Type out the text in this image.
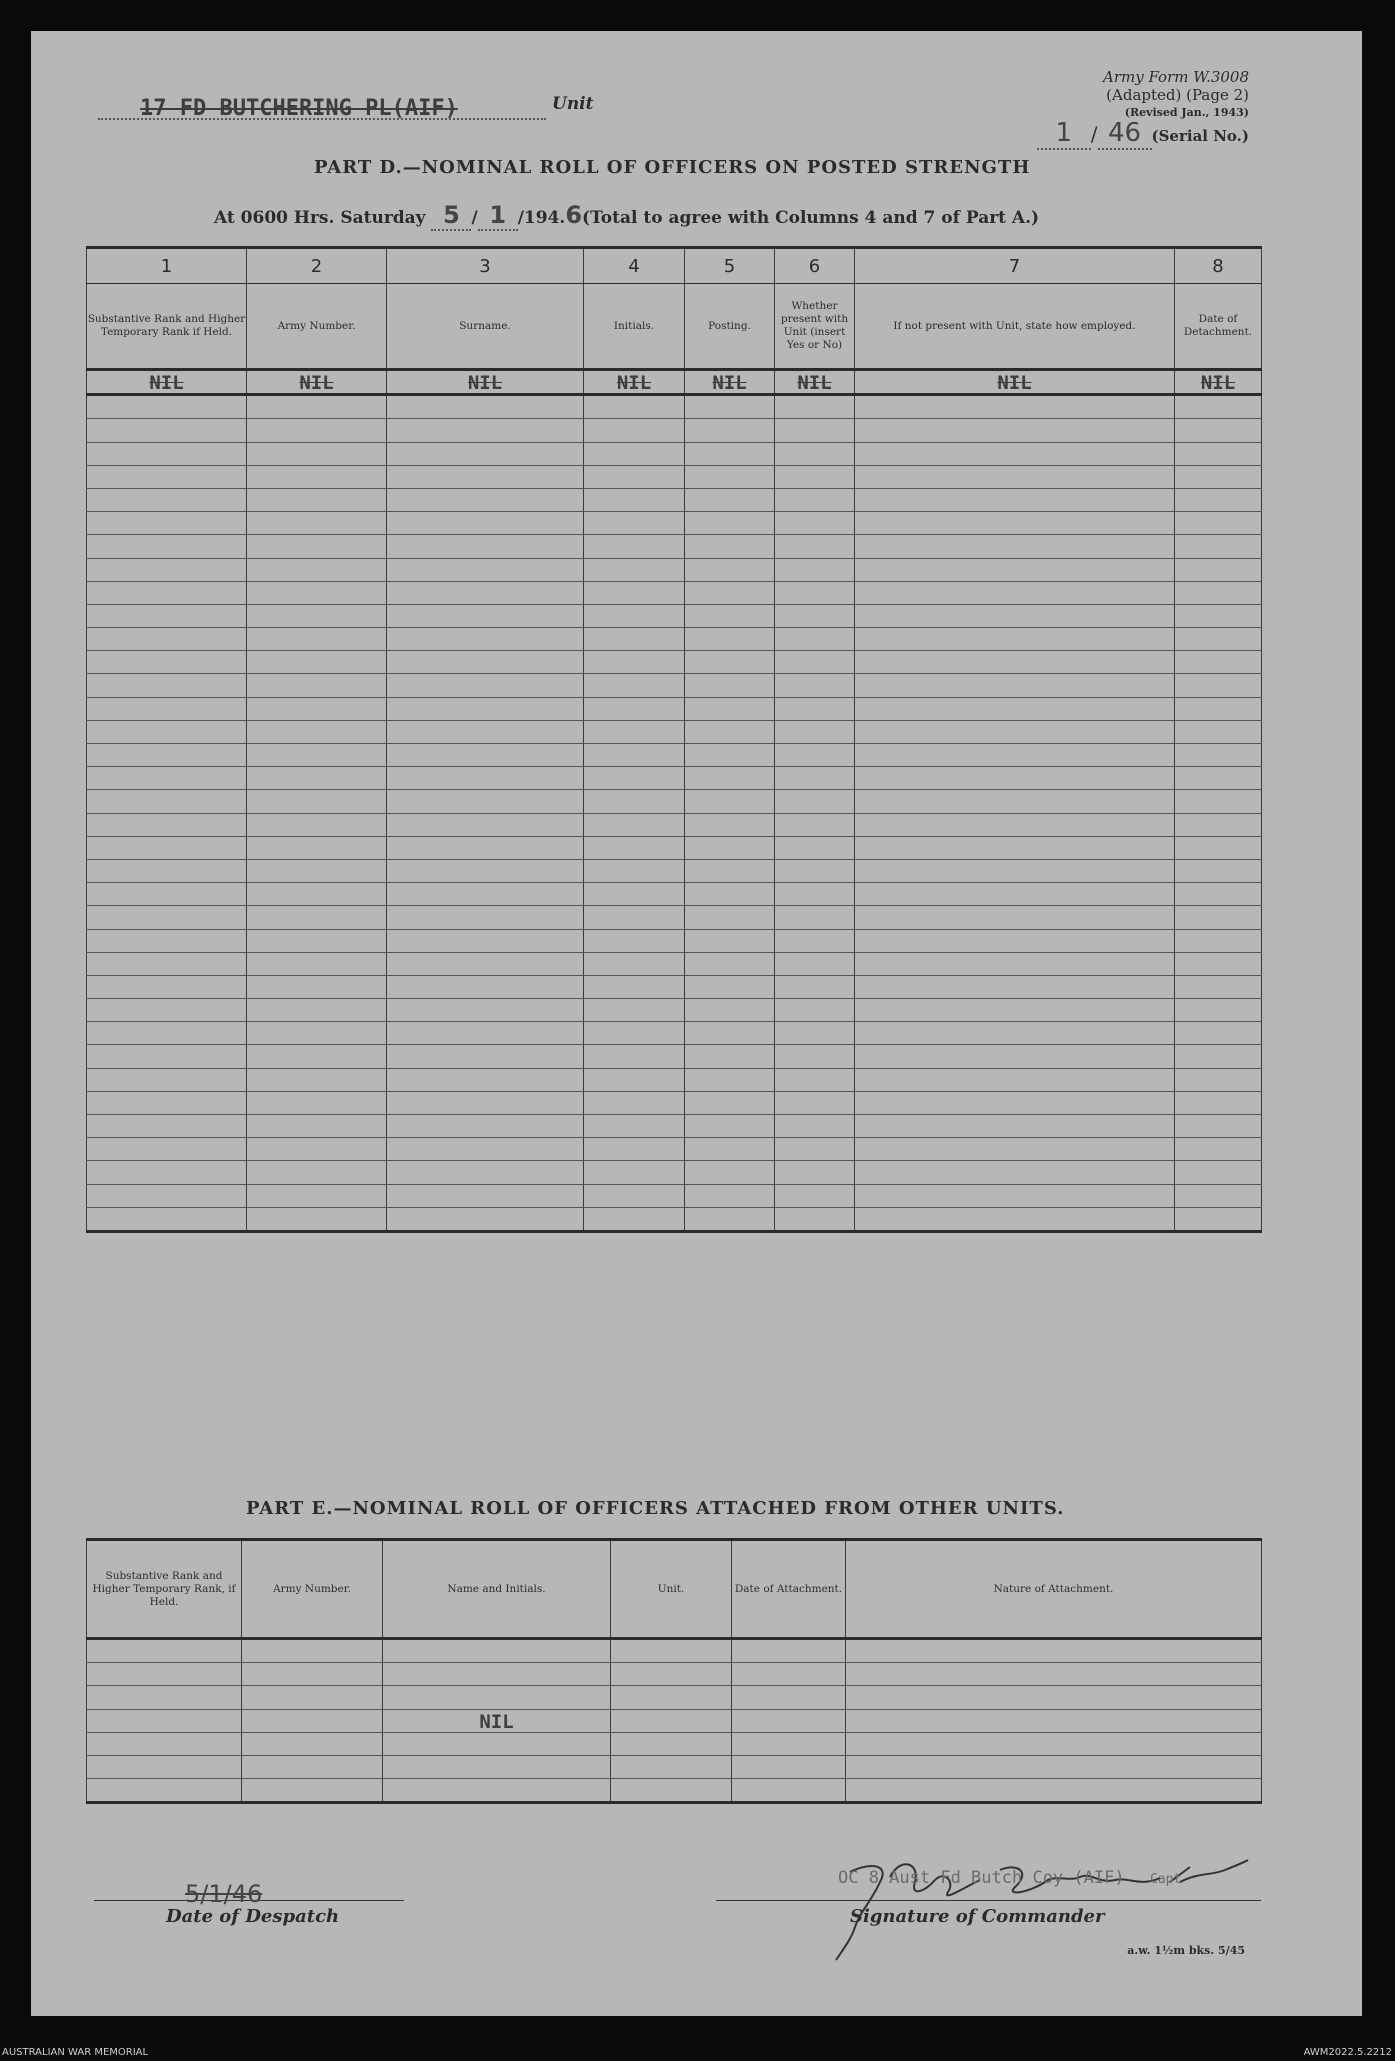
Army Form W.3008
(Adapted) (Page 2)
(Revised Jan., 1943)
1 / 46 (Serial No.)
17 FD BUTCHERING PL(AIF)	Unit
PART D.—NOMINAL ROLL OF OFFICERS ON POSTED STRENGTH
At 0600 Hrs. Saturday 5 / 1 /194.6(Total to agree with Columns 4 and 7 of Part A.)
1	2	3	4	5	6	7	8
Substantive Rank and Higher Temporary Rank if Held.	Army Number.	Surname.	Initials.	Posting.	Whether present with Unit (insert Yes or No)	If not present with Unit, state how employed.	Date of Detachment.
NIL	NIL	NIL	NIL	NIL	NIL	NIL	NIL

PART E.—NOMINAL ROLL OF OFFICERS ATTACHED FROM OTHER UNITS.
Substantive Rank and Higher Temporary Rank, if Held.	Army Number.	Name and Initials.	Unit.	Date of Attachment.	Nature of Attachment.

		NIL			

5/1/46
Date of Despatch
OC 8 Aust Fd Butch Coy (AIF) Capt
Signature of Commander
a.w. 1½m bks. 5/45
AUSTRALIAN WAR MEMORIAL	AWM2022.5.2212
